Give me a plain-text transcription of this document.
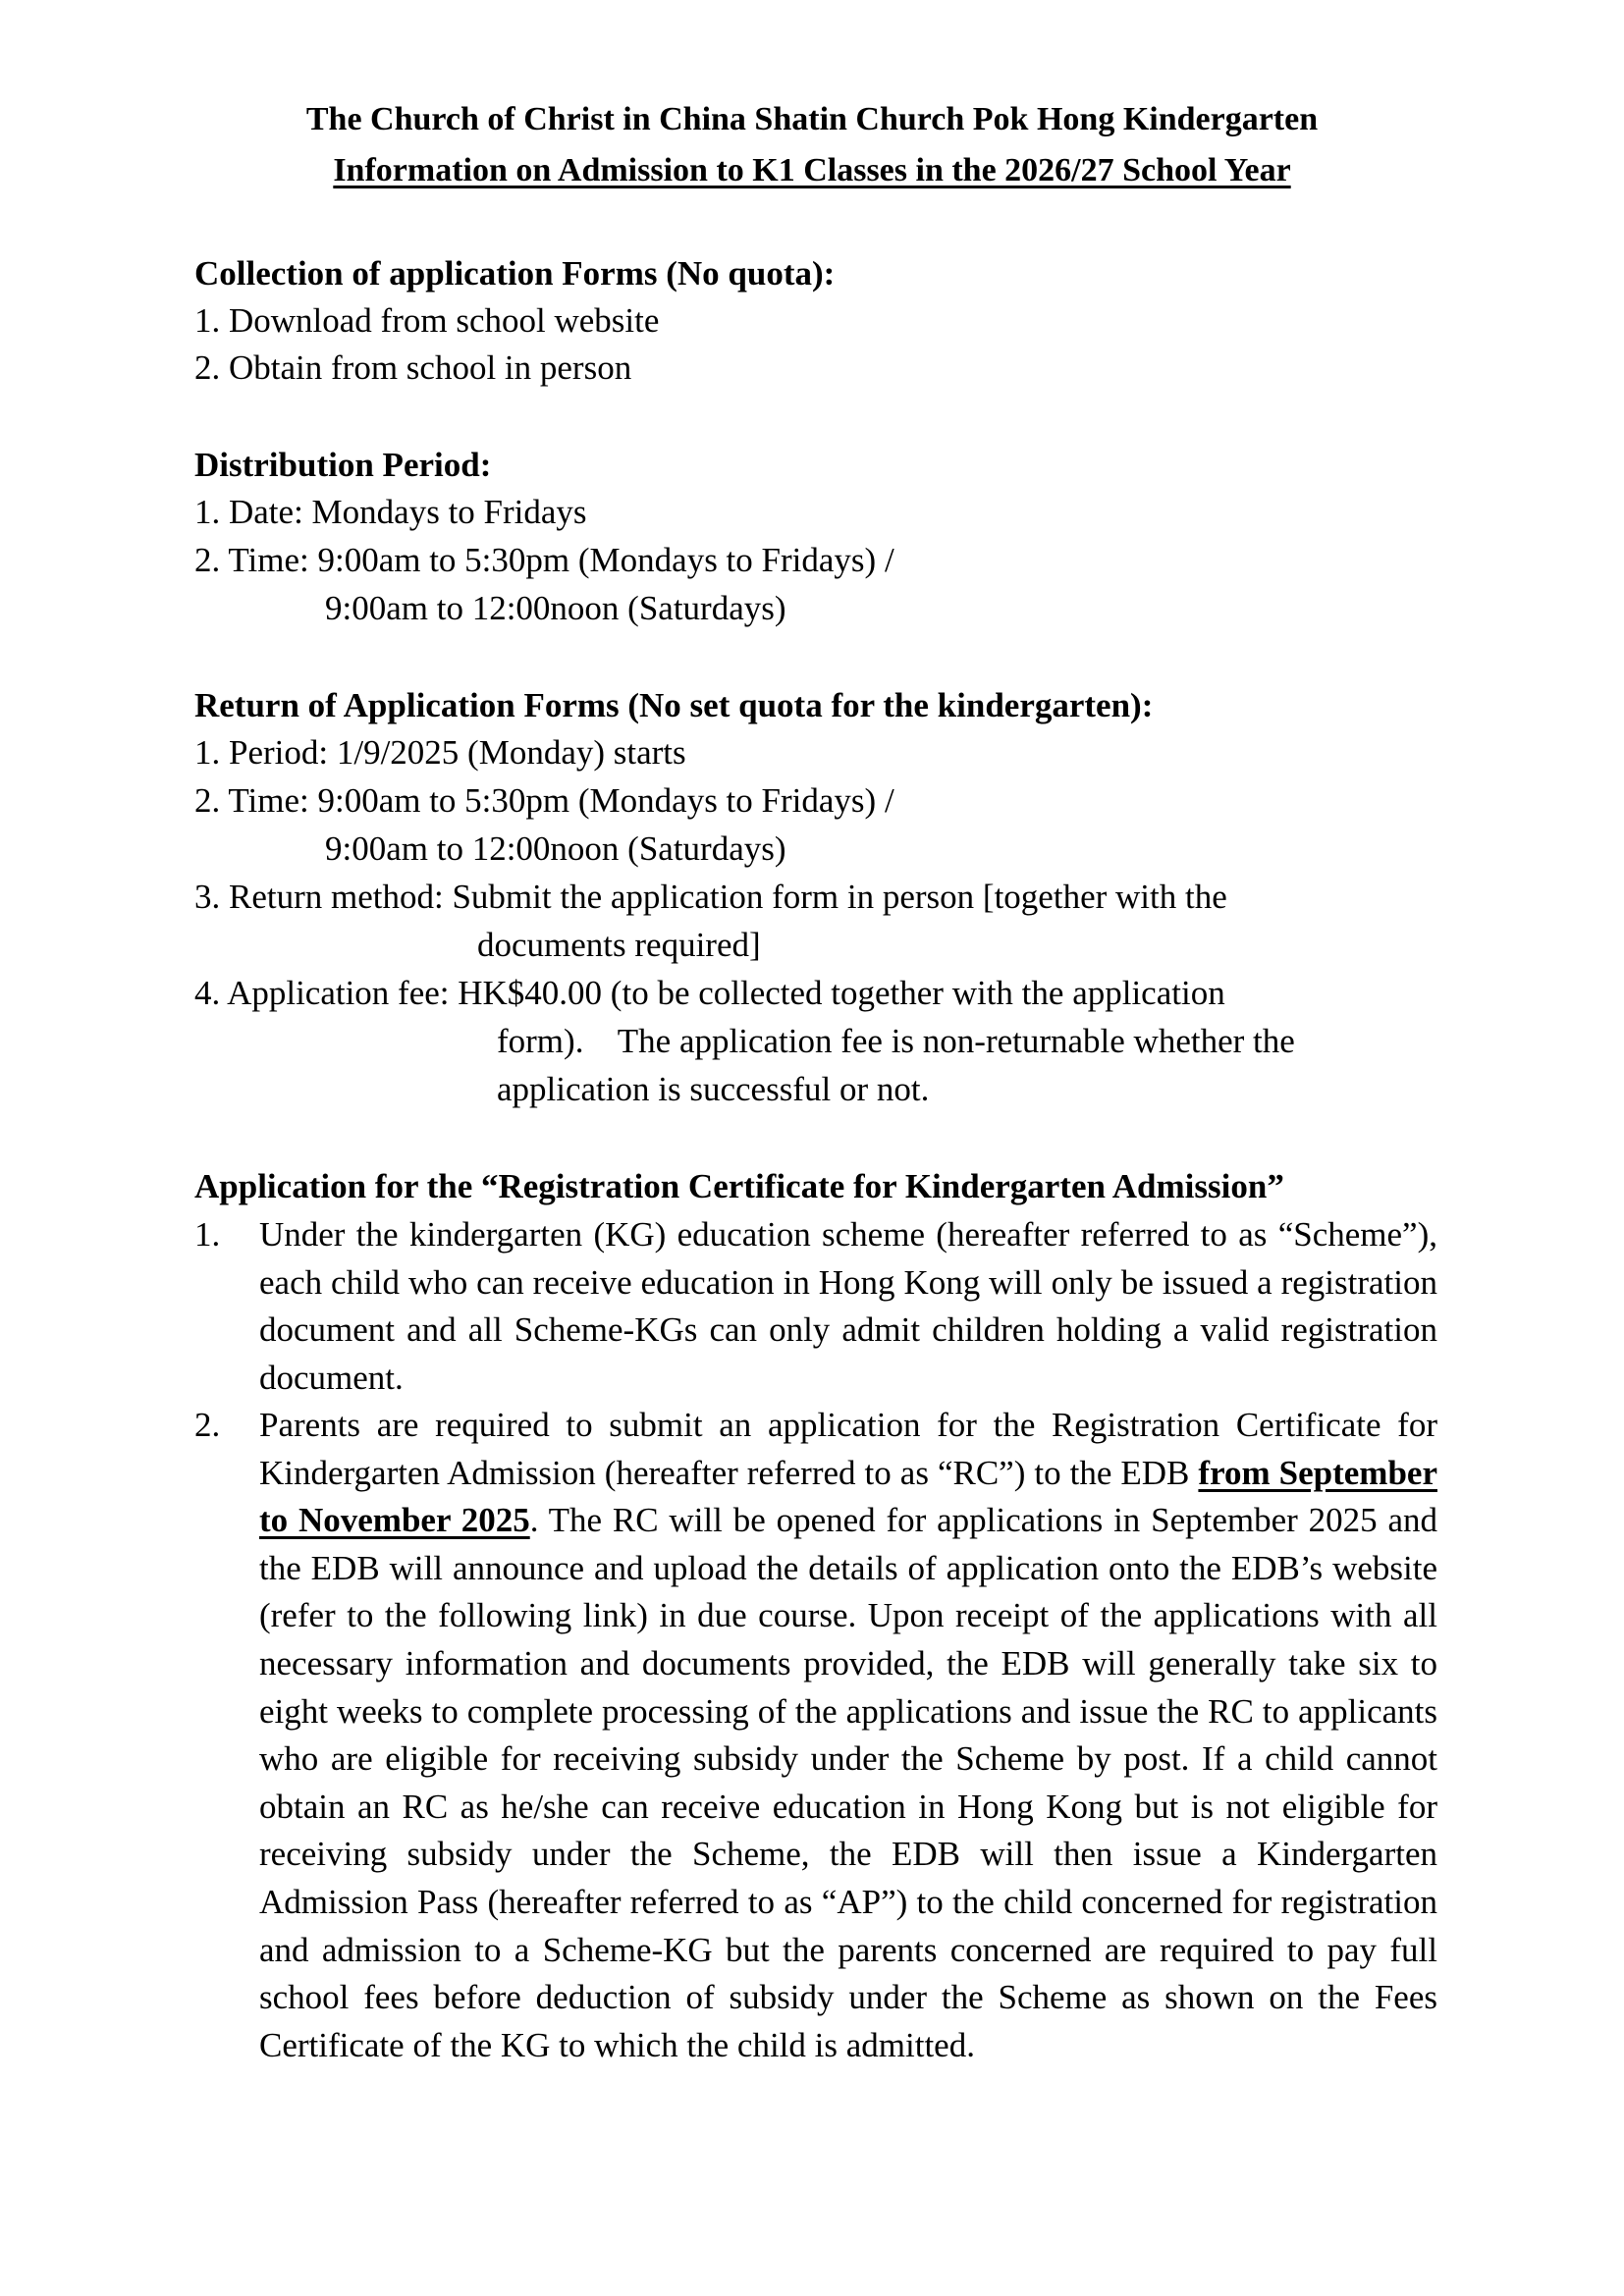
The Church of Christ in China Shatin Church Pok Hong Kindergarten
Information on Admission to K1 Classes in the 2026/27 School Year
Collection of application Forms (No quota):
1. Download from school website
2. Obtain from school in person
Distribution Period:
1. Date: Mondays to Fridays
2. Time: 9:00am to 5:30pm (Mondays to Fridays) /
9:00am to 12:00noon (Saturdays)
Return of Application Forms (No set quota for the kindergarten):
1. Period: 1/9/2025 (Monday) starts
2. Time: 9:00am to 5:30pm (Mondays to Fridays) /
9:00am to 12:00noon (Saturdays)
3. Return method: Submit the application form in person [together with the
documents required]
4. Application fee: HK$40.00 (to be collected together with the application
form).    The application fee is non-returnable whether the
application is successful or not.
Application for the “Registration Certificate for Kindergarten Admission”
1. Under the kindergarten (KG) education scheme (hereafter referred to as “Scheme”), each child who can receive education in Hong Kong will only be issued a registration document and all Scheme-KGs can only admit children holding a valid registration document.
2. Parents are required to submit an application for the Registration Certificate for Kindergarten Admission (hereafter referred to as “RC”) to the EDB from September to November 2025. The RC will be opened for applications in September 2025 and the EDB will announce and upload the details of application onto the EDB’s website (refer to the following link) in due course. Upon receipt of the applications with all necessary information and documents provided, the EDB will generally take six to eight weeks to complete processing of the applications and issue the RC to applicants who are eligible for receiving subsidy under the Scheme by post. If a child cannot obtain an RC as he/she can receive education in Hong Kong but is not eligible for receiving subsidy under the Scheme, the EDB will then issue a Kindergarten Admission Pass (hereafter referred to as “AP”) to the child concerned for registration and admission to a Scheme-KG but the parents concerned are required to pay full school fees before deduction of subsidy under the Scheme as shown on the Fees Certificate of the KG to which the child is admitted.
